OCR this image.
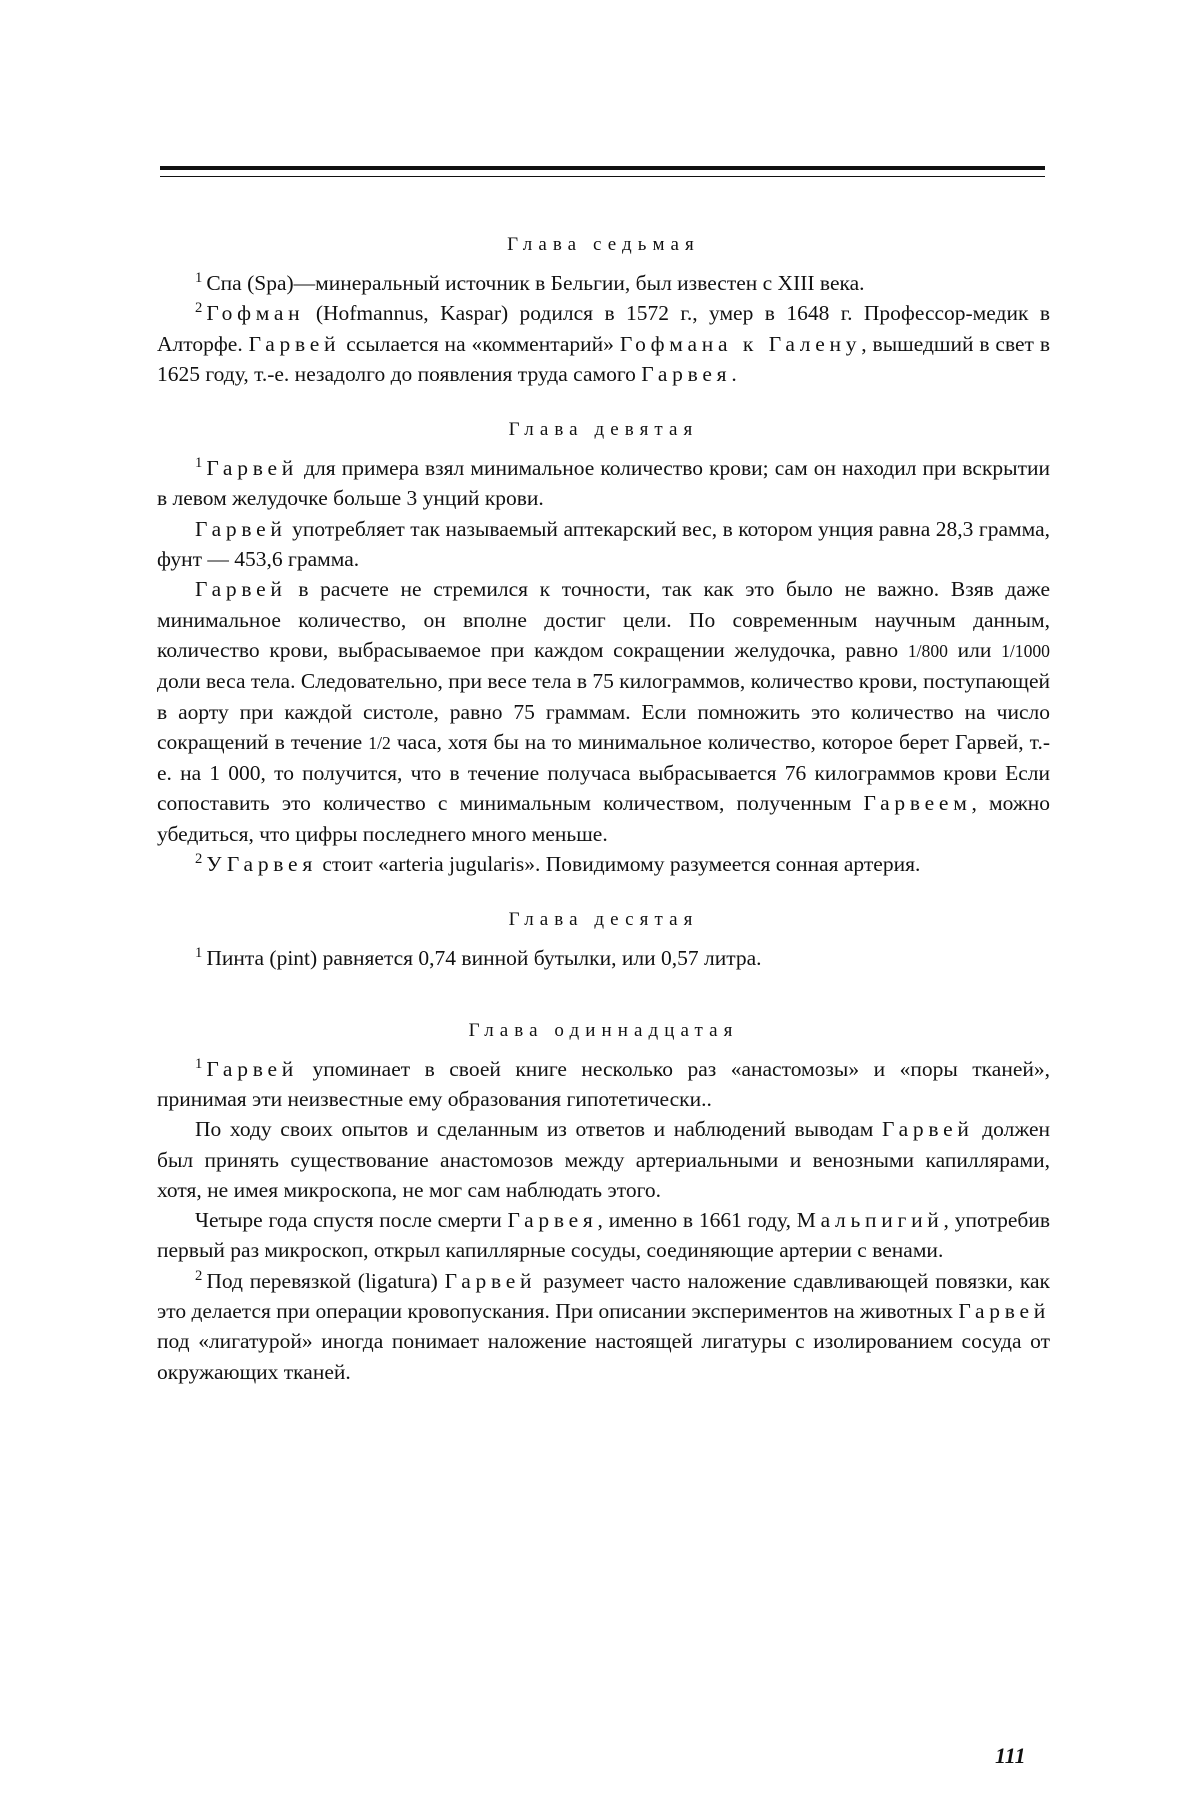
Глава седьмая

1 Спа (Spa)—минеральный источник в Бельгии, был известен с XIII века.

2 Гофман (Hofmannus, Kaspar) родился в 1572 г., умер в 1648 г. Профессор-медик в Алторфе. Гарвей ссылается на «комментарий» Гофмана к Галену, вышедший в свет в 1625 году, т.-е. незадолго до появления труда самого Гарвея.

Глава девятая

1 Гарвей для примера взял минимальное количество крови; сам он находил при вскрытии в левом желудочке больше 3 унций крови.

Гарвей употребляет так называемый аптекарский вес, в котором унция равна 28,3 грамма, фунт — 453,6 грамма.

Гарвей в расчете не стремился к точности, так как это было не важно. Взяв даже минимальное количество, он вполне достиг цели. По современным научным данным, количество крови, выбрасываемое при каждом сокращении желудочка, равно 1/800 или 1/1000 доли веса тела. Следовательно, при весе тела в 75 килограммов, количество крови, поступающей в аорту при каждой систоле, равно 75 граммам. Если помножить это количество на число сокращений в течение 1/2 часа, хотя бы на то минимальное количество, которое берет Гарвей, т.-е. на 1 000, то получится, что в течение получаса выбрасывается 76 килограммов крови Если сопоставить это количество с минимальным количеством, полученным Гарвеем, можно убедиться, что цифры последнего много меньше.

2 У Гарвея стоит «arteria jugularis». Повидимому разумеется сонная артерия.

Глава десятая

1 Пинта (pint) равняется 0,74 винной бутылки, или 0,57 литра.

Глава одиннадцатая

1 Гарвей упоминает в своей книге несколько раз «анастомозы» и «поры тканей», принимая эти неизвестные ему образования гипотетически..

По ходу своих опытов и сделанным из ответов и наблюдений выводам Гарвей должен был принять существование анастомозов между артериальными и венозными капиллярами, хотя, не имея микроскопа, не мог сам наблюдать этого.

Четыре года спустя после смерти Гарвея, именно в 1661 году, Мальпигий, употребив первый раз микроскоп, открыл капиллярные сосуды, соединяющие артерии с венами.

2 Под перевязкой (ligatura) Гарвей разумеет часто наложение сдавливающей повязки, как это делается при операции кровопускания. При описании экспериментов на животных Гарвей под «лигатурой» иногда понимает наложение настоящей лигатуры с изолированием сосуда от окружающих тканей.

111
